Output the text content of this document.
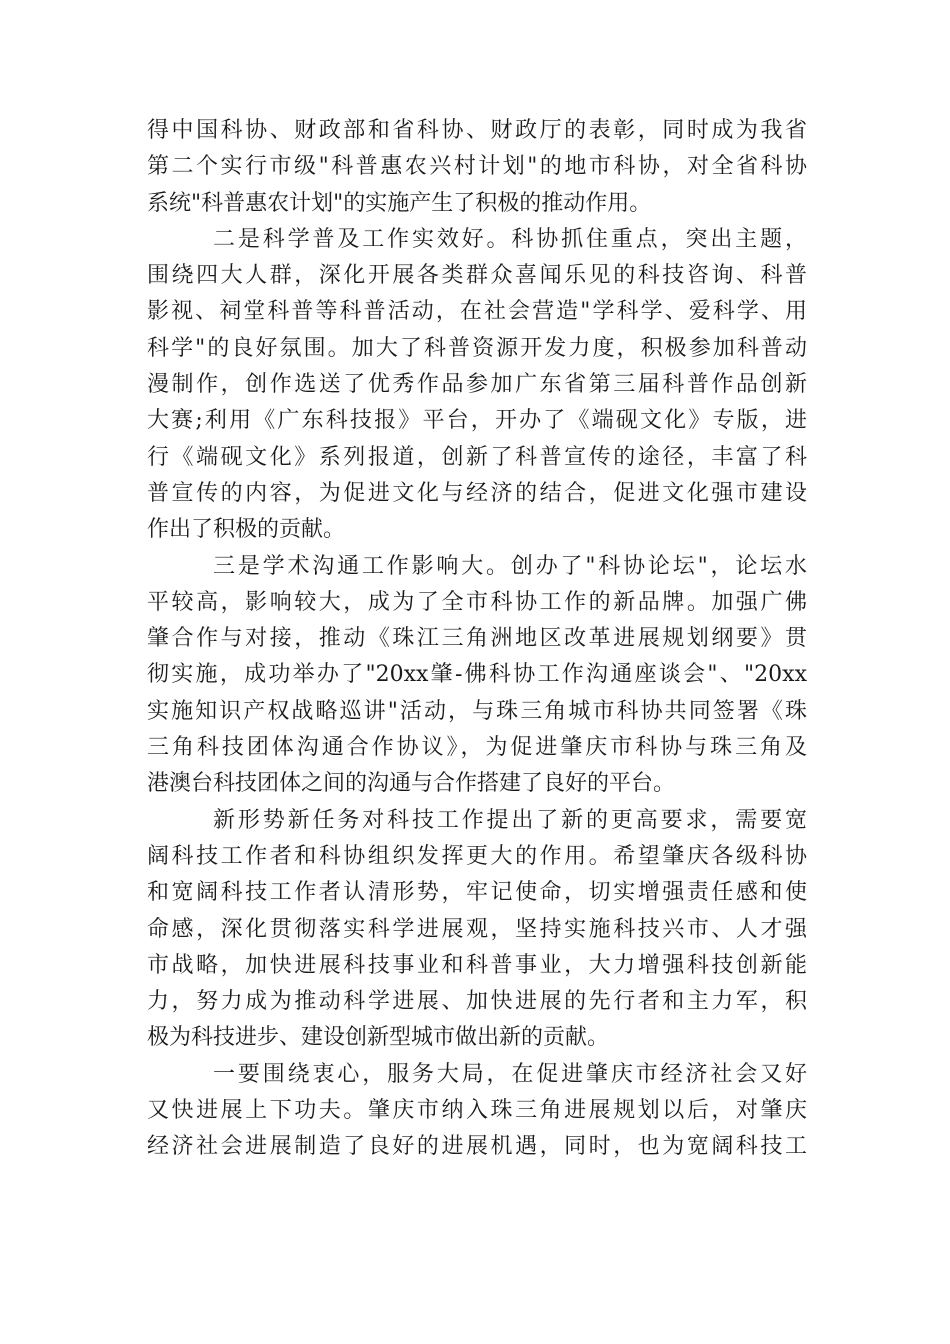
得中国科协、财政部和省科协、财政厅的表彰，同时成为我省
第二个实行市级"科普惠农兴村计划"的地市科协，对全省科协
系统"科普惠农计划"的实施产生了积极的推动作用。
二是科学普及工作实效好。科协抓住重点，突出主题，
围绕四大人群，深化开展各类群众喜闻乐见的科技咨询、科普
影视、祠堂科普等科普活动，在社会营造"学科学、爱科学、用
科学"的良好氛围。加大了科普资源开发力度，积极参加科普动
漫制作，创作选送了优秀作品参加广东省第三届科普作品创新
大赛;利用《广东科技报》平台，开办了《端砚文化》专版，进
行《端砚文化》系列报道，创新了科普宣传的途径，丰富了科
普宣传的内容，为促进文化与经济的结合，促进文化强市建设
作出了积极的贡献。
三是学术沟通工作影响大。创办了"科协论坛"，论坛水
平较高，影响较大，成为了全市科协工作的新品牌。加强广佛
肇合作与对接，推动《珠江三角洲地区改革进展规划纲要》贯
彻实施，成功举办了"20xx肇-佛科协工作沟通座谈会"、"20xx
实施知识产权战略巡讲"活动，与珠三角城市科协共同签署《珠
三角科技团体沟通合作协议》，为促进肇庆市科协与珠三角及
港澳台科技团体之间的沟通与合作搭建了良好的平台。
新形势新任务对科技工作提出了新的更高要求，需要宽
阔科技工作者和科协组织发挥更大的作用。希望肇庆各级科协
和宽阔科技工作者认清形势，牢记使命，切实增强责任感和使
命感，深化贯彻落实科学进展观，坚持实施科技兴市、人才强
市战略，加快进展科技事业和科普事业，大力增强科技创新能
力，努力成为推动科学进展、加快进展的先行者和主力军，积
极为科技进步、建设创新型城市做出新的贡献。
一要围绕衷心，服务大局，在促进肇庆市经济社会又好
又快进展上下功夫。肇庆市纳入珠三角进展规划以后，对肇庆
经济社会进展制造了良好的进展机遇，同时，也为宽阔科技工
